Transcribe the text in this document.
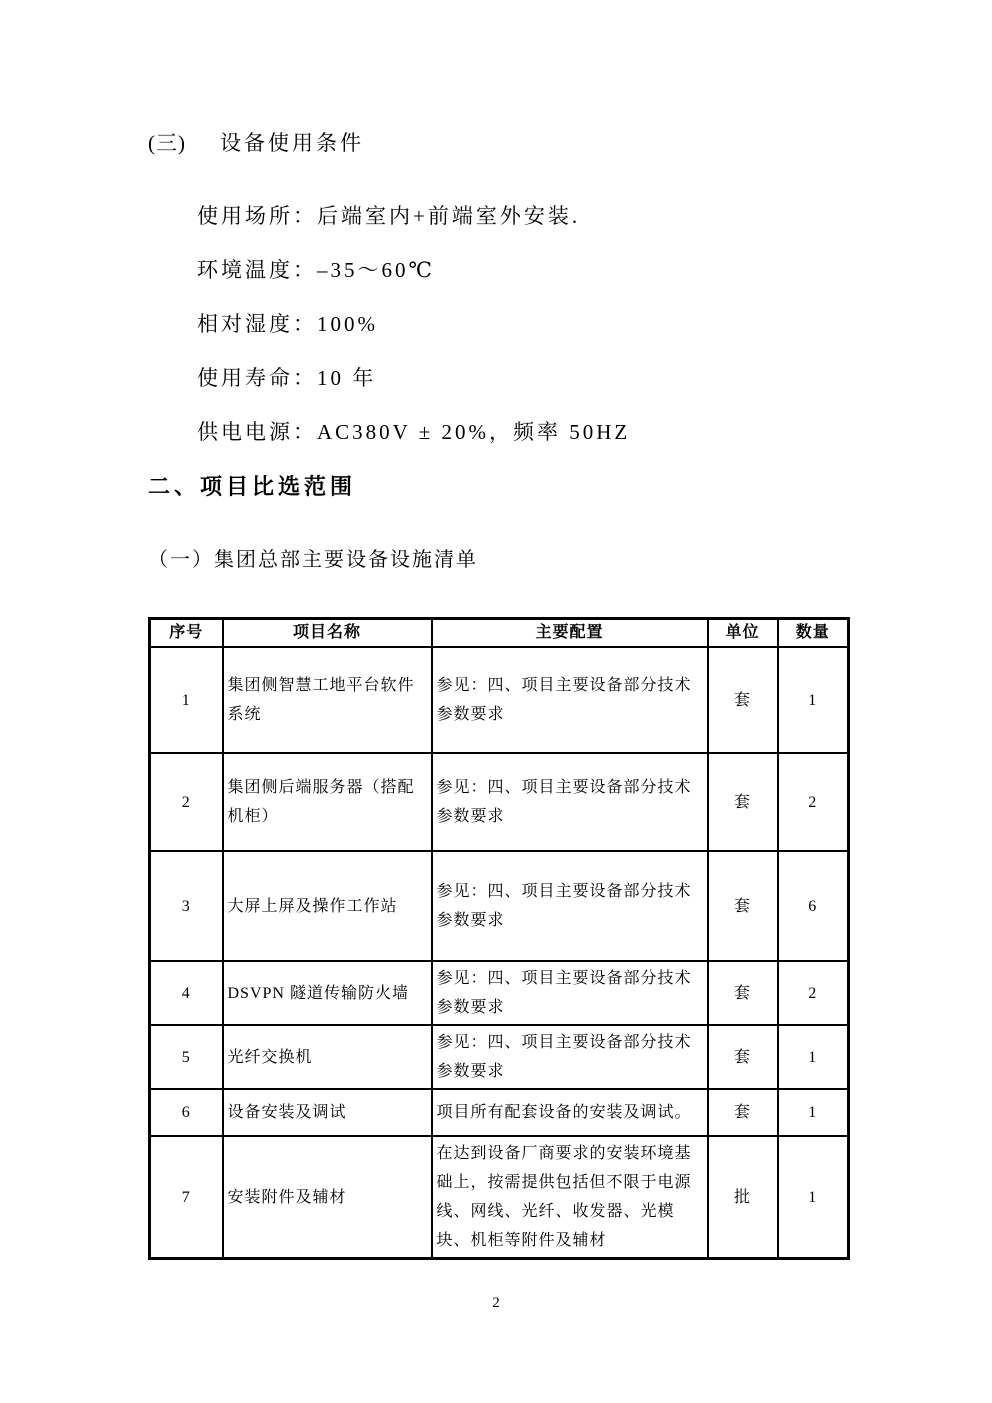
(三) 设备使用条件

使用场所：后端室内+前端室外安装.

环境温度：–35～60℃

相对湿度：100%

使用寿命：10 年

供电电源：AC380V ± 20%，频率 50HZ

二、项目比选范围
（一）集团总部主要设备设施清单
序号	项目名称	主要配置	单位	数量
1	集团侧智慧工地平台软件系统	参见：四、项目主要设备部分技术参数要求	套	1
2	集团侧后端服务器（搭配机柜）	参见：四、项目主要设备部分技术参数要求	套	2
3	大屏上屏及操作工作站	参见：四、项目主要设备部分技术参数要求	套	6
4	DSVPN 隧道传输防火墙	参见：四、项目主要设备部分技术参数要求	套	2
5	光纤交换机	参见：四、项目主要设备部分技术参数要求	套	1
6	设备安装及调试	项目所有配套设备的安装及调试。	套	1
7	安装附件及辅材	在达到设备厂商要求的安装环境基础上，按需提供包括但不限于电源线、网线、光纤、收发器、光模块、机柜等附件及辅材	批	1
2
